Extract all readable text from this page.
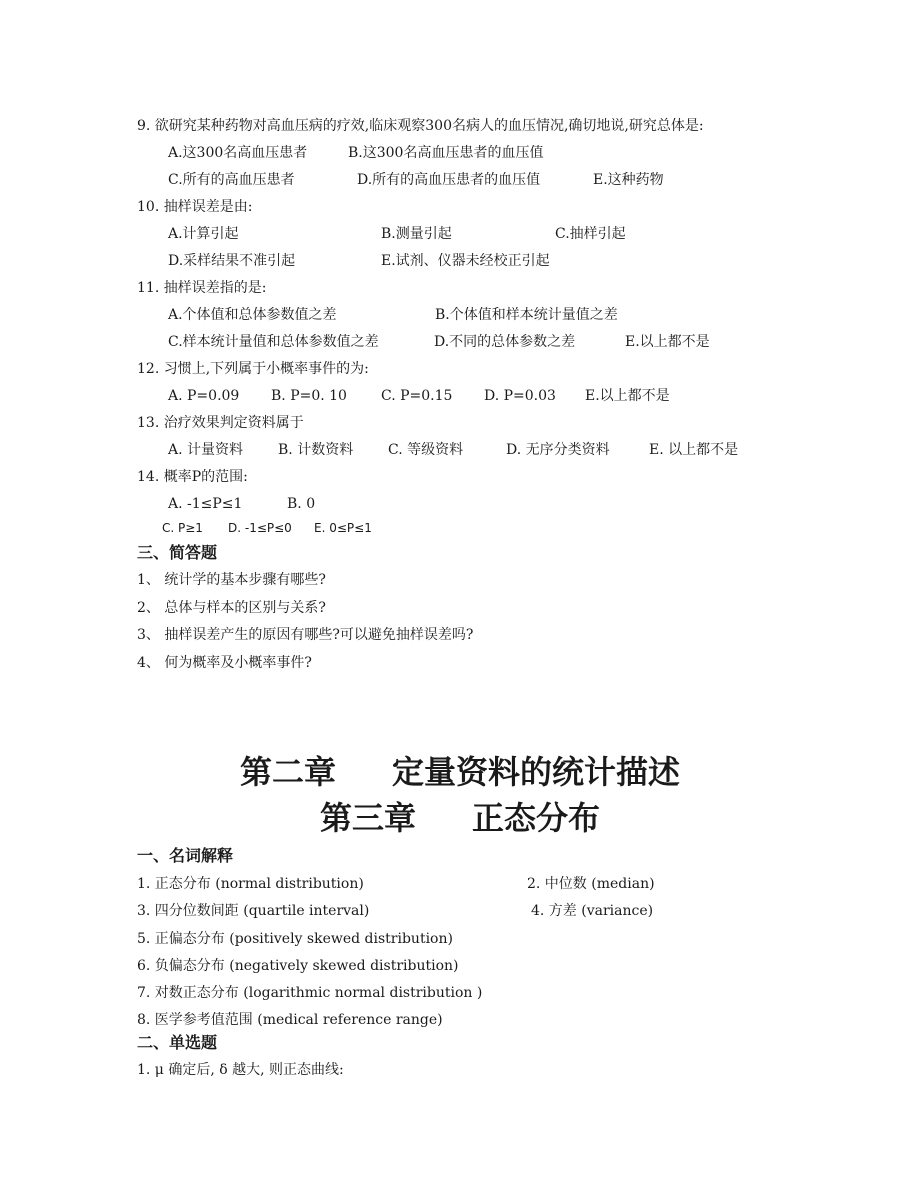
9. 欲研究某种药物对高血压病的疗效,临床观察300名病人的血压情况,确切地说,研究总体是:
A.这300名高血压患者	B.这300名高血压患者的血压值
C.所有的高血压患者	D.所有的高血压患者的血压值	E.这种药物
10. 抽样误差是由:
A.计算引起	B.测量引起	C.抽样引起
D.采样结果不准引起	E.试剂、仪器未经校正引起
11. 抽样误差指的是:
A.个体值和总体参数值之差	B.个体值和样本统计量值之差
C.样本统计量值和总体参数值之差	D.不同的总体参数之差	E.以上都不是
12. 习惯上,下列属于小概率事件的为:
A. P=0.09 B. P=0. 10 C. P=0.15 D. P=0.03 E.以上都不是
13. 治疗效果判定资料属于
A. 计量资料 B. 计数资料 C. 等级资料	D. 无序分类资料	E. 以上都不是
14. 概率P的范围:
A. -1≤P≤1	B. 0
C. P≥1 D. -1≤P≤0 E. 0≤P≤1
三、简答题
1、 统计学的基本步骤有哪些?
2、 总体与样本的区别与关系?
3、 抽样误差产生的原因有哪些?可以避免抽样误差吗?
4、 何为概率及小概率事件?
第二章 定量资料的统计描述
第三章 正态分布
一、名词解释
1. 正态分布 (normal distribution)	2. 中位数 (median)
3. 四分位数间距 (quartile interval)	4. 方差 (variance)
5. 正偏态分布 (positively skewed distribution)
6. 负偏态分布 (negatively skewed distribution)
7. 对数正态分布 (logarithmic normal distribution )
8. 医学参考值范围 (medical reference range)
二、单选题
1. μ 确定后, δ 越大, 则正态曲线:
